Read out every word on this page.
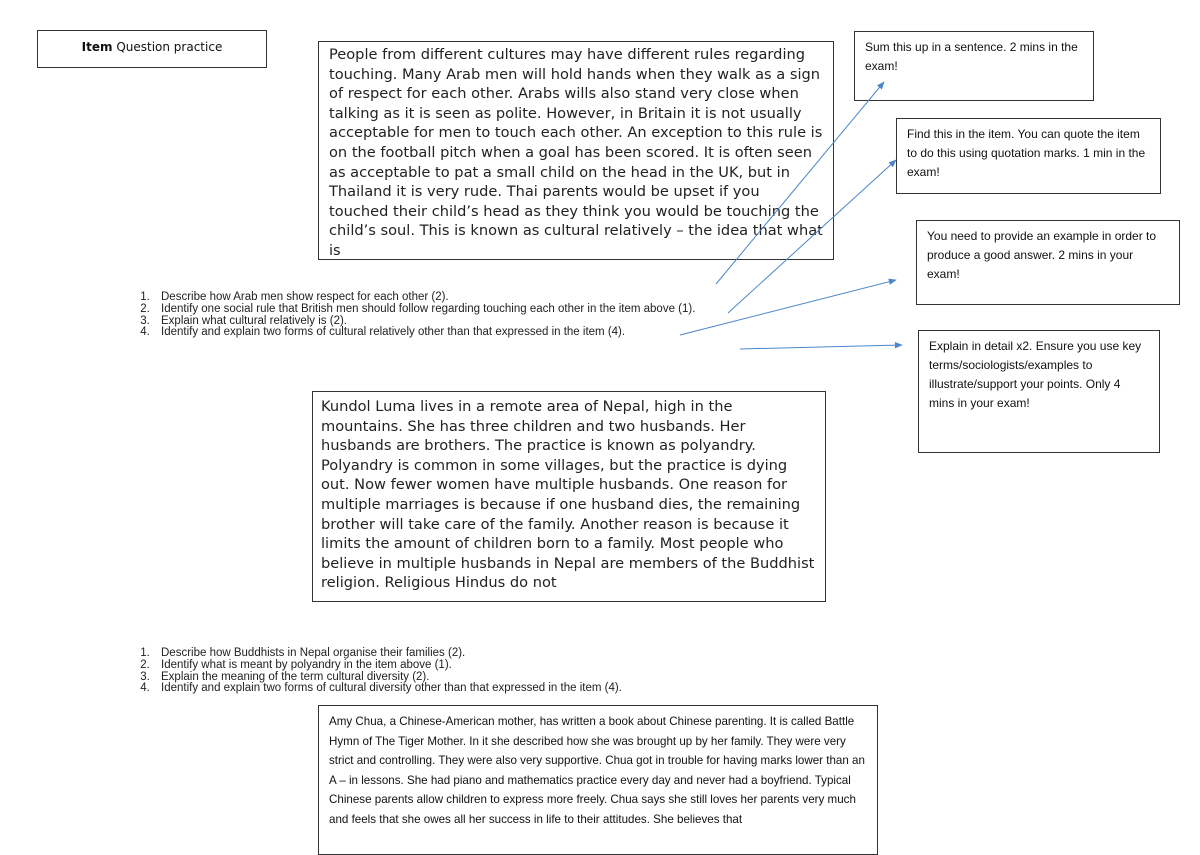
Item Question practice	People from different cultures may have different rules regarding touching. Many Arab men will hold hands when they walk as a sign of respect for each other. Arabs wills also stand very close when talking as it is seen as polite. However, in Britain it is not usually acceptable for men to touch each other. An exception to this rule is on the football pitch when a goal has been scored. It is often seen as acceptable to pat a small child on the head in the UK, but in Thailand it is very rude. Thai parents would be upset if you touched their child’s head as they think you would be touching the child’s soul. This is known as cultural relatively – the idea that what is
Sum this up in a sentence. 2 mins in the exam!
Find this in the item. You can quote the item to do this using quotation marks. 1 min in the exam!
You need to provide an example in order to produce a good answer. 2 mins in your exam!
Explain in detail x2. Ensure you use key terms/sociologists/examples to illustrate/support your points. Only 4 mins in your exam!
1. Describe how Arab men show respect for each other (2).
2. Identify one social rule that British men should follow regarding touching each other in the item above (1).
3. Explain what cultural relatively is (2).
4. Identify and explain two forms of cultural relatively other than that expressed in the item (4).
Kundol Luma lives in a remote area of Nepal, high in the mountains. She has three children and two husbands. Her husbands are brothers. The practice is known as polyandry. Polyandry is common in some villages, but the practice is dying out. Now fewer women have multiple husbands. One reason for multiple marriages is because if one husband dies, the remaining brother will take care of the family. Another reason is because it limits the amount of children born to a family. Most people who believe in multiple husbands in Nepal are members of the Buddhist religion. Religious Hindus do not
1. Describe how Buddhists in Nepal organise their families (2).
2. Identify what is meant by polyandry in the item above (1).
3. Explain the meaning of the term cultural diversity (2).
4. Identify and explain two forms of cultural diversity other than that expressed in the item (4).
Amy Chua, a Chinese-American mother, has written a book about Chinese parenting. It is called Battle Hymn of The Tiger Mother. In it she described how she was brought up by her family. They were very strict and controlling. They were also very supportive. Chua got in trouble for having marks lower than an A – in lessons. She had piano and mathematics practice every day and never had a boyfriend. Typical Chinese parents allow children to express more freely. Chua says she still loves her parents very much and feels that she owes all her success in life to their attitudes. She believes that
